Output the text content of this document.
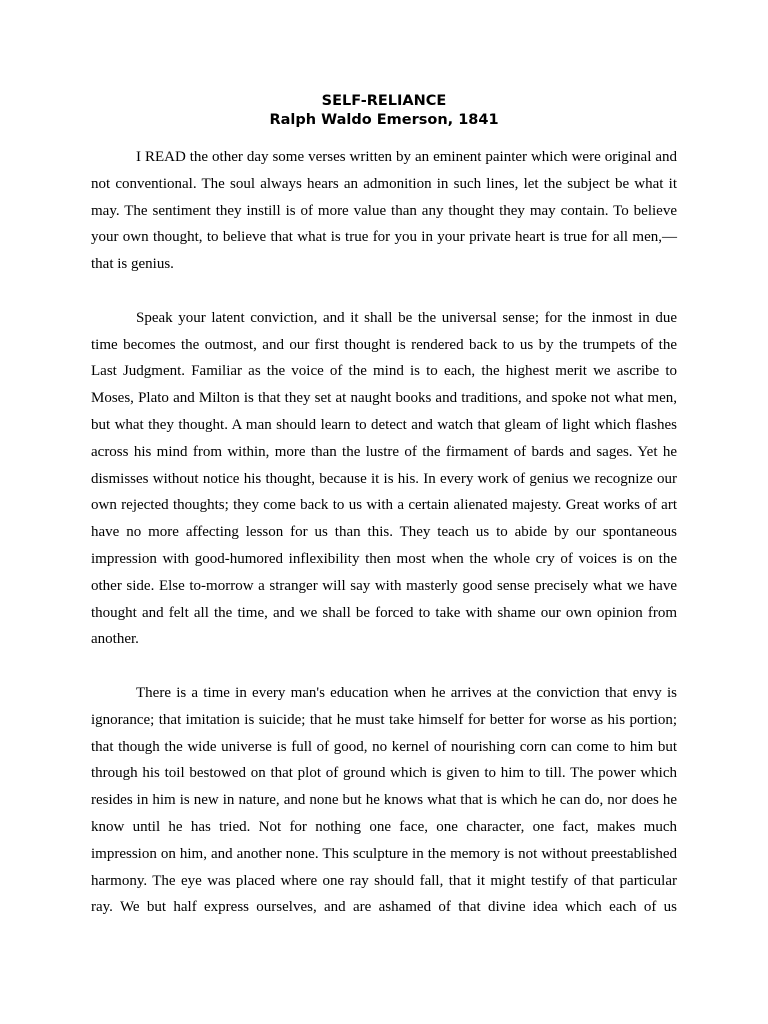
SELF-RELIANCE
Ralph Waldo Emerson, 1841
I READ the other day some verses written by an eminent painter which were original and
not conventional. The soul always hears an admonition in such lines, let the subject be what it
may. The sentiment they instill is of more value than any thought they may contain. To believe
your own thought, to believe that what is true for you in your private heart is true for all men,—
that is genius.
Speak your latent conviction, and it shall be the universal sense; for the inmost in due
time becomes the outmost, and our first thought is rendered back to us by the trumpets of the
Last Judgment. Familiar as the voice of the mind is to each, the highest merit we ascribe to
Moses, Plato and Milton is that they set at naught books and traditions, and spoke not what men,
but what they thought. A man should learn to detect and watch that gleam of light which flashes
across his mind from within, more than the lustre of the firmament of bards and sages. Yet he
dismisses without notice his thought, because it is his. In every work of genius we recognize our
own rejected thoughts; they come back to us with a certain alienated majesty. Great works of art
have no more affecting lesson for us than this. They teach us to abide by our spontaneous
impression with good-humored inflexibility then most when the whole cry of voices is on the
other side. Else to-morrow a stranger will say with masterly good sense precisely what we have
thought and felt all the time, and we shall be forced to take with shame our own opinion from
another.
There is a time in every man's education when he arrives at the conviction that envy is
ignorance; that imitation is suicide; that he must take himself for better for worse as his portion;
that though the wide universe is full of good, no kernel of nourishing corn can come to him but
through his toil bestowed on that plot of ground which is given to him to till. The power which
resides in him is new in nature, and none but he knows what that is which he can do, nor does he
know until he has tried. Not for nothing one face, one character, one fact, makes much
impression on him, and another none. This sculpture in the memory is not without preestablished
harmony. The eye was placed where one ray should fall, that it might testify of that particular
ray. We but half express ourselves, and are ashamed of that divine idea which each of us
